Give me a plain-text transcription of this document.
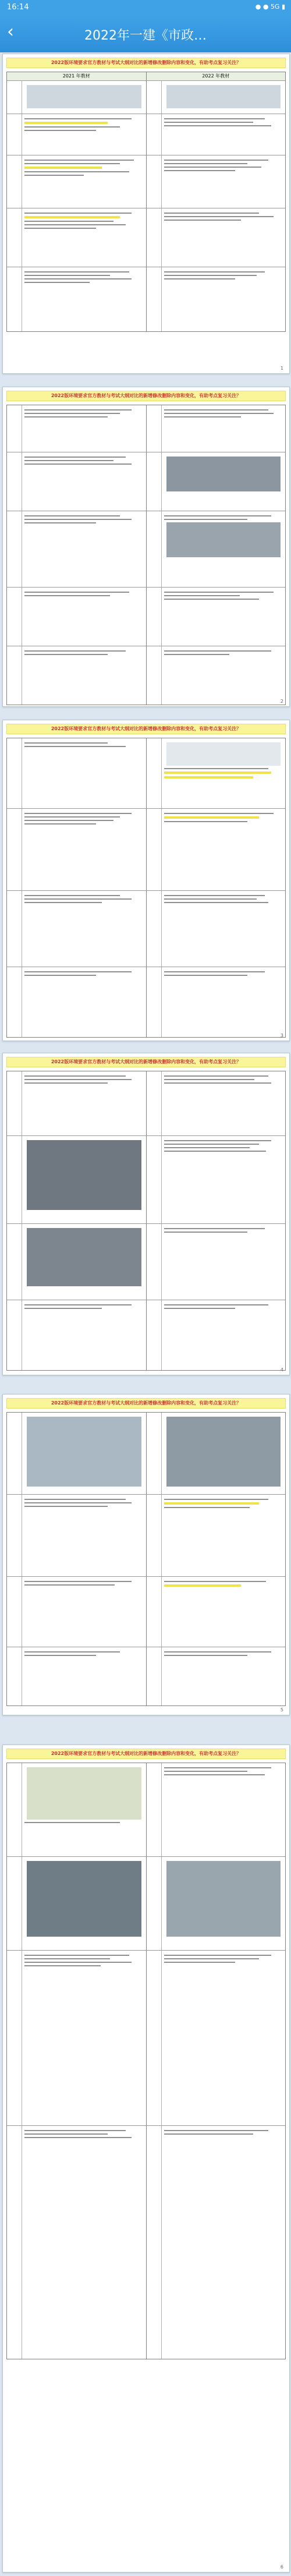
16:14	● ● 5G ▮
‹	2022年一建《市政…
2022版环境要求官方教材与考试大纲对比的新增修改删除内容和变化，有助考点复习关注？
2021 年教材	2022 年教材
1
2022版环境要求官方教材与考试大纲对比的新增修改删除内容和变化，有助考点复习关注？
2
2022版环境要求官方教材与考试大纲对比的新增修改删除内容和变化，有助考点复习关注？
3
2022版环境要求官方教材与考试大纲对比的新增修改删除内容和变化，有助考点复习关注？
4
2022版环境要求官方教材与考试大纲对比的新增修改删除内容和变化，有助考点复习关注？
5
2022版环境要求官方教材与考试大纲对比的新增修改删除内容和变化，有助考点复习关注？
6
